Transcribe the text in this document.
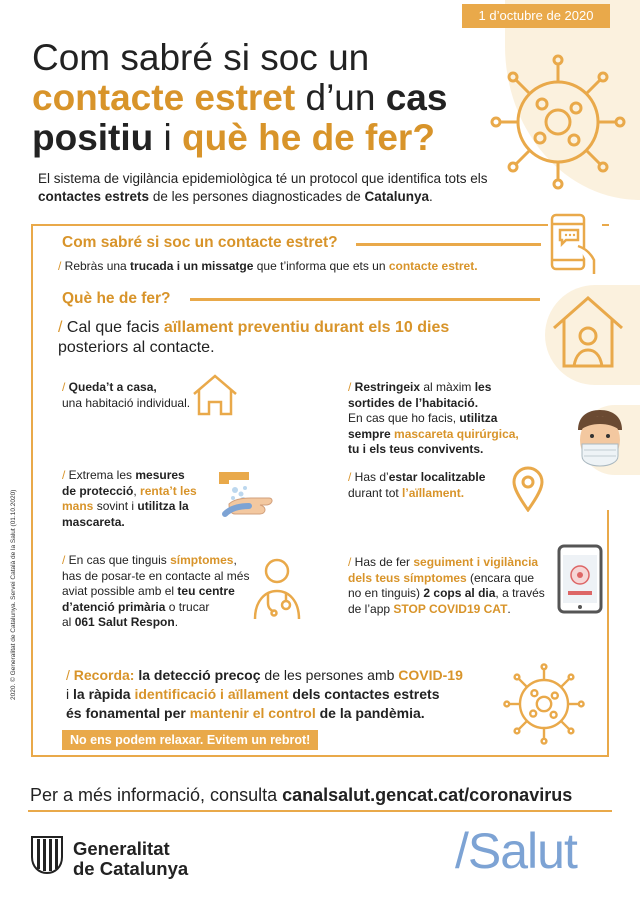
1 d’octubre de 2020
Com sabré si soc un
contacte estret d’un cas
positiu i què he de fer?
El sistema de vigilància epidemiològica té un protocol que identifica tots els contactes estrets de les persones diagnosticades de Catalunya.
Com sabré si soc un contacte estret?
/ Rebràs una trucada i un missatge que t’informa que ets un contacte estret.
Què he de fer?
/ Cal que facis aïllament preventiu durant els 10 dies
posteriors al contacte.
/ Queda’t a casa,
una habitació individual.
/ Restringeix al màxim les
sortides de l’habitació.
En cas que ho facis, utilitza
sempre mascareta quirúrgica,
tu i els teus convivents.
/ Extrema les mesures
de protecció, renta’t les
mans sovint i utilitza la
mascareta.
/ Has d’estar localitzable
durant tot l’aïllament.
/ En cas que tinguis símptomes,
has de posar-te en contacte al més
aviat possible amb el teu centre
d’atenció primària o trucar
al 061 Salut Respon.
/ Has de fer seguiment i vigilància
dels teus símptomes (encara que
no en tinguis) 2 cops al dia, a través
de l’app STOP COVID19 CAT.
/ Recorda: la detecció precoç de les persones amb COVID-19
i la ràpida identificació i aïllament dels contactes estrets
és fonamental per mantenir el control de la pandèmia.
No ens podem relaxar. Evitem un rebrot!
Per a més informació, consulta canalsalut.gencat.cat/coronavirus
Generalitat
de Catalunya	/Salut
2020. © Generalitat de Catalunya. Servei Català de la Salut (01.10.2020)
